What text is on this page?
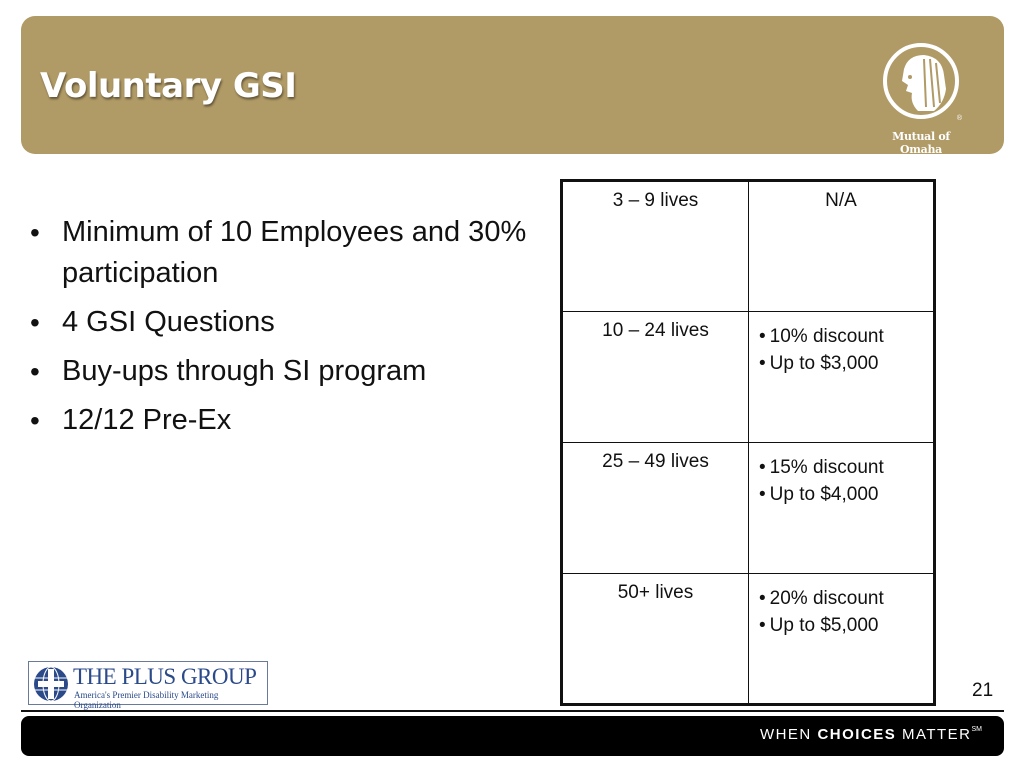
Voluntary GSI
®
Mutual of Omaha
• Minimum of 10 Employees and 30% participation
• 4 GSI Questions
• Buy-ups through SI program
• 12/12 Pre-Ex
3 – 9 lives	N/A
10 – 24 lives	• 10% discount
• Up to $3,000

25 – 49 lives	• 15% discount
• Up to $4,000

50+ lives	• 20% discount
• Up to $5,000
THE PLUS GROUP
America's Premier Disability Marketing Organization
21
WHEN CHOICES MATTER℠
